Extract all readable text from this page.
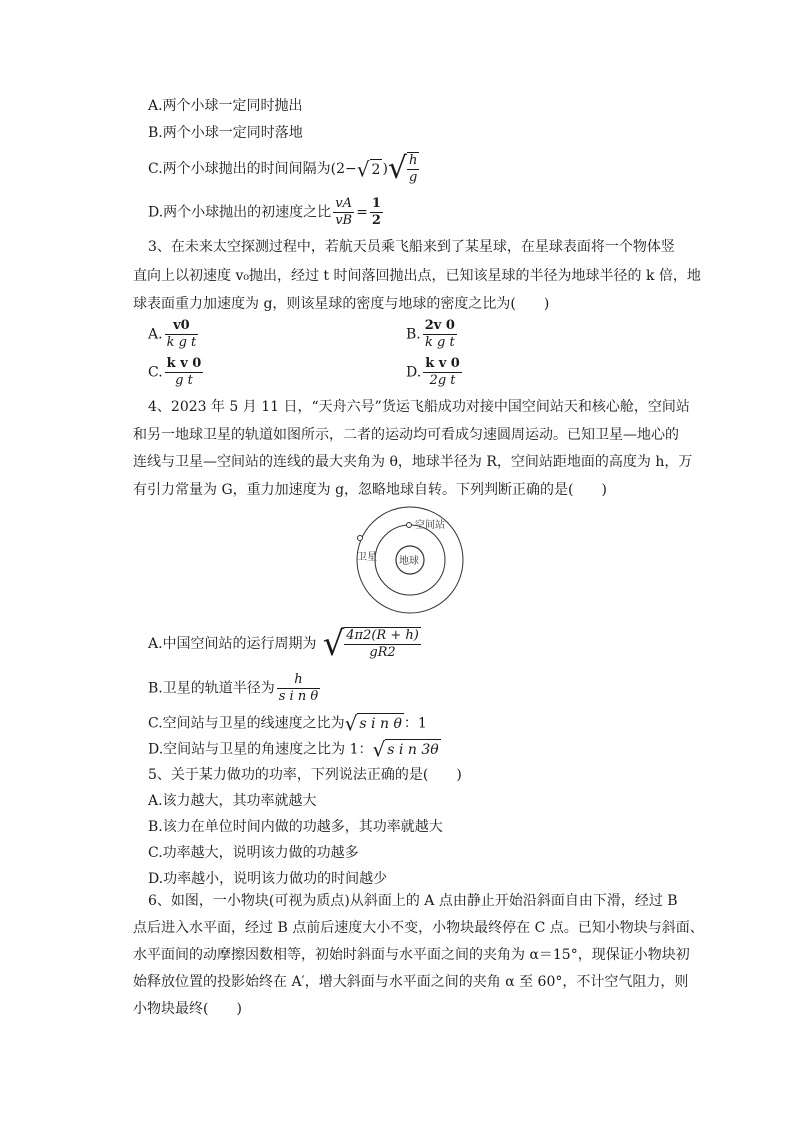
A.两个小球一定同时抛出
B.两个小球一定同时落地
C.两个小球抛出的时间间隔为(2−√ 2 )√ $\frac{h}{g}$
D.两个小球抛出的初速度之比 $\frac{vA}{vB} = \frac{1}{2}$
3、在未来太空探测过程中，若航天员乘飞船来到了某星球，在星球表面将一个物体竖
直向上以初速度 v₀抛出，经过 t 时间落回抛出点，已知该星球的半径为地球半径的 k 倍，地
球表面重力加速度为 g，则该星球的密度与地球的密度之比为(　　)
A. $\frac{v0}{\text{k g t}}$	B. $\frac{2v 0}{\text{k g t}}$
C. $\frac{\text{k v 0}}{\text{g t}}$	D. $\frac{\text{k v 0}}{\text{2g t}}$
4、2023 年 5 月 11 日，“天舟六号”货运飞船成功对接中国空间站天和核心舱，空间站
和另一地球卫星的轨道如图所示，二者的运动均可看成匀速圆周运动。已知卫星—地心的
连线与卫星—空间站的连线的最大夹角为 θ，地球半径为 R，空间站距地面的高度为 h，万
有引力常量为 G，重力加速度为 g，忽略地球自转。下列判断正确的是(　　)
空间站
卫星 地球
A.中国空间站的运行周期为 √ $\frac{4\pi 2(R + h)}{gR2}$
B.卫星的轨道半径为 $\frac{h}{\text{s i n θ}}$
C.空间站与卫星的线速度之比为√ s i n θ ：1
D.空间站与卫星的角速度之比为 1：√ s i n 3θ
5、关于某力做功的功率，下列说法正确的是(　　)
A.该力越大，其功率就越大
B.该力在单位时间内做的功越多，其功率就越大
C.功率越大，说明该力做的功越多
D.功率越小，说明该力做功的时间越少
6、如图，一小物块(可视为质点)从斜面上的 A 点由静止开始沿斜面自由下滑，经过 B
点后进入水平面，经过 B 点前后速度大小不变，小物块最终停在 C 点。已知小物块与斜面、
水平面间的动摩擦因数相等，初始时斜面与水平面之间的夹角为 α＝15°，现保证小物块初
始释放位置的投影始终在 A′，增大斜面与水平面之间的夹角 α 至 60°，不计空气阻力，则
小物块最终(　　)
